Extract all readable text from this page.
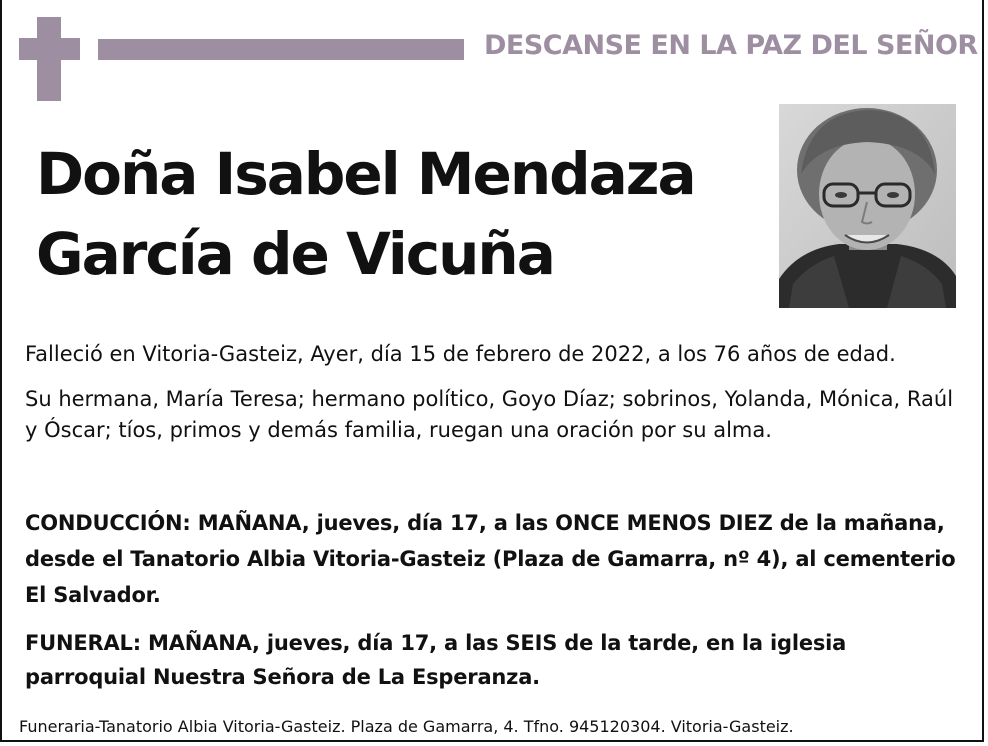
DESCANSE EN LA PAZ DEL SEÑOR
Doña Isabel Mendaza
García de Vicuña
Falleció en Vitoria-Gasteiz, Ayer, día 15 de febrero de 2022, a los 76 años de edad.
Su hermana, María Teresa; hermano político, Goyo Díaz; sobrinos, Yolanda, Mónica, Raúl y Óscar; tíos, primos y demás familia, ruegan una oración por su alma.
CONDUCCIÓN: MAÑANA, jueves, día 17, a las ONCE MENOS DIEZ de la mañana, desde el Tanatorio Albia Vitoria-Gasteiz (Plaza de Gamarra, nº 4), al cementerio El Salvador.
FUNERAL: MAÑANA, jueves, día 17, a las SEIS de la tarde, en la iglesia parroquial Nuestra Señora de La Esperanza.
Funeraria-Tanatorio Albia Vitoria-Gasteiz. Plaza de Gamarra, 4. Tfno. 945120304. Vitoria-Gasteiz.
